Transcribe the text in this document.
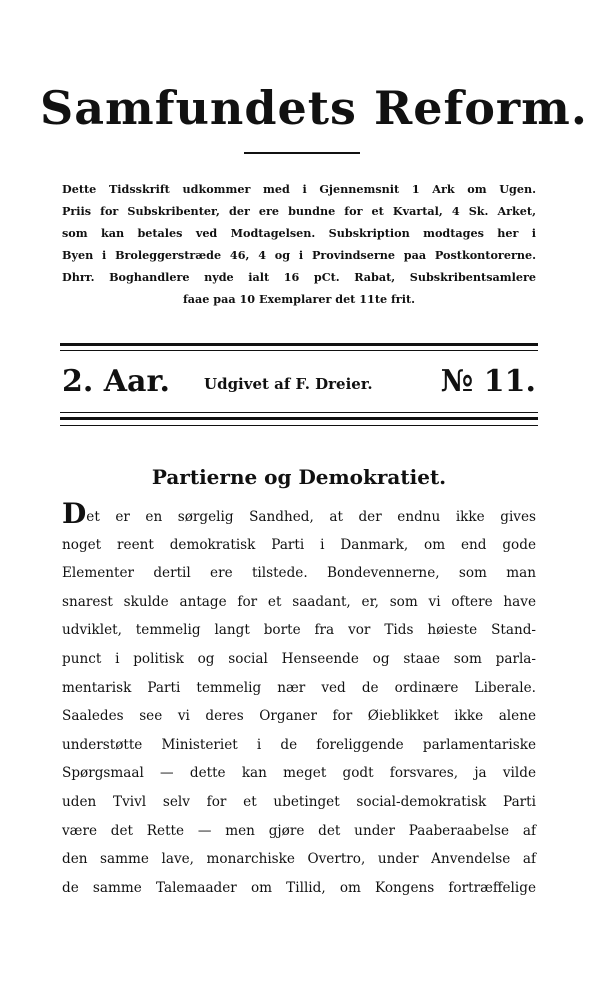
Samfundets Reform.
Dette Tidsskrift udkommer med i Gjennemsnit 1 Ark om Ugen.
Priis for Subskribenter, der ere bundne for et Kvartal, 4 Sk. Arket,
som kan betales ved Modtagelsen. Subskription modtages her i
Byen i Broleggerstræde 46, 4 og i Provindserne paa Postkontorerne.
Dhrr. Boghandlere nyde ialt 16 pCt. Rabat, Subskribentsamlere
faae paa 10 Exemplarer det 11te frit.
2. Aar. Udgivet af F. Dreier. № 11.
Partierne og Demokratiet.
Det er en sørgelig Sandhed, at der endnu ikke gives
noget reent demokratisk Parti i Danmark, om end gode
Elementer dertil ere tilstede. Bondevennerne, som man
snarest skulde antage for et saadant, er, som vi oftere have
udviklet, temmelig langt borte fra vor Tids høieste Stand-
punct i politisk og social Henseende og staae som parla-
mentarisk Parti temmelig nær ved de ordinære Liberale.
Saaledes see vi deres Organer for Øieblikket ikke alene
understøtte Ministeriet i de foreliggende parlamentariske
Spørgsmaal — dette kan meget godt forsvares, ja vilde
uden Tvivl selv for et ubetinget social-demokratisk Parti
være det Rette — men gjøre det under Paaberaabelse af
den samme lave, monarchiske Overtro, under Anvendelse af
de samme Talemaader om Tillid, om Kongens fortræffelige
